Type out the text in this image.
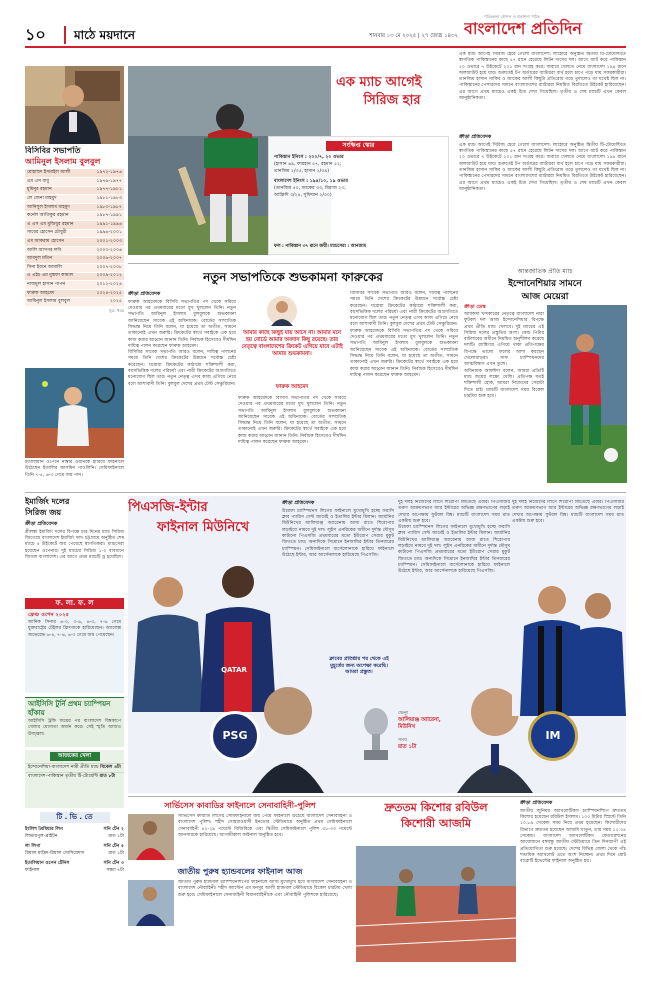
১০	মাঠে ময়দানে	শনিবার ১৩ মে ২০২৫ | ২৭ জ্যৈষ্ঠ ১৪৩২
পরিকল্পনা কৌশল ও প্রকাশনা পাঠক
বাংলাদেশ প্রতিদিন
বিসিবির সভাপতি
আমিনুল ইসলাম বুলবুল
মোহাম্মদ ইসমাইল আলী	১৯৭২-১৯৭৬
এম এস বাবু	১৯৭৬-১৯৭৭
মুমিনুর রহমান	১৯৭৭-১৯৮১
লে জেনা মাহমুদ	১৯৮১-১৯৮৩
আনিসুল ইসলাম মাহমুদ	১৯৮৩-১৯৮৭
কর্নেল আতিকুর রহমান	১৯৮৭-১৯৯১
এ এস এম মুজিবুর রহমান	১৯৯১-১৯৯৬
সাবের হোসেন চৌধুরী	১৯৯৬-২০০১
এম আকরাম হোসেন	২০০১-২০০৩
আলি আসগর লবি	২০০৩-২০০৬
আবদুল মতিন	২০০৬-২০০৭
সিনা ইবনে জামালি	২০০৭-২০০৮
এ এইচ এম মুস্তফা কামাল	২০০৯-২০১২
নাজমুল হাসান পাপন	২০১২-২০২৪
ফারুক আহমেদ	২০২৪-২০২৫
আমিনুল ইসলাম বুলবুল	২০২৫
সূত্র: খবর
এক ম্যাচ আগেই
সিরিজ হার
সংক্ষিপ্ত স্কোর
পাকিস্তান ইনিংস : ২০০/৭, ২০ ওভার
(হাসান ৬৯, ফারহান ৫৭, রহমান ৫২;
তানজিম ২/৩৫, হাসান ২/৩৯)
বাংলাদেশ ইনিংস : ১৯৪/১০, ১৯ ওভার
(তানজিম ৫০, জাকের ৩৩, মিরাজ ২৩;
আফ্রিদি ৩/২৪, সুফিয়ান ২/৩০)
ফল : পাকিস্তান ৩৭ রানে জয়ী। ম্যাচসেরা : আনজাম
ক্রীড়া প্রতিবেদক
এক ম্যাচ আগেই সিরিজ হেরে গেলো বাংলাদেশ। লাহোরে অনুষ্ঠিত দ্বিতীয় টি-টোয়েন্টিতে স্বাগতিক পাকিস্তানের কাছে ৫৭ রানে হেরেছে লিটন দাসের দল। আগে ব্যাট করে পাকিস্তান ২০ ওভারে ৭ উইকেটে ২০১ রান সংগ্রহ করে। জবাবে খেলতে নেমে বাংলাদেশ ১৯৪ রানে অলআউট হয়ে যায়। শুরুতেই টপ অর্ডারের ব্যাটাররা ব্যর্থ হলে চাপে পড়ে যায় সফরকারীরা। তানজিম হাসান সাকিব ও জাকের আলী কিছুটা প্রতিরোধ গড়ে তুললেও তা যথেষ্ট ছিল না। পাকিস্তানের পেসারদের সামনে বাংলাদেশের ব্যাটাররা নিয়মিত বিরতিতে উইকেট হারিয়েছেন। এর আগে প্রথম ম্যাচেও একই চিত্র দেখা গিয়েছিল। তৃতীয় ও শেষ ম্যাচটি এখন কেবল আনুষ্ঠানিকতা।
এক ম্যাচ আগেই সিরিজ হেরে গেলো বাংলাদেশ। লাহোরে অনুষ্ঠিত দ্বিতীয় টি-টোয়েন্টিতে স্বাগতিক পাকিস্তানের কাছে ৫৭ রানে হেরেছে লিটন দাসের দল। আগে ব্যাট করে পাকিস্তান ২০ ওভারে ৭ উইকেটে ২০১ রান সংগ্রহ করে। জবাবে খেলতে নেমে বাংলাদেশ ১৯৪ রানে অলআউট হয়ে যায়। শুরুতেই টপ অর্ডারের ব্যাটাররা ব্যর্থ হলে চাপে পড়ে যায় সফরকারীরা। তানজিম হাসান সাকিব ও জাকের আলী কিছুটা প্রতিরোধ গড়ে তুললেও তা যথেষ্ট ছিল না। পাকিস্তানের পেসারদের সামনে বাংলাদেশের ব্যাটাররা নিয়মিত বিরতিতে উইকেট হারিয়েছেন। এর আগে প্রথম ম্যাচেও একই চিত্র দেখা গিয়েছিল। তৃতীয় ও শেষ ম্যাচটি এখন কেবল আনুষ্ঠানিকতা।
নতুন সভাপতিকে শুভকামনা ফারুকের
ক্রীড়া প্রতিবেদক
ফারুক আহমেদকে বিসিবি সভাপতির পদ থেকে সরিয়ে দেওয়ার পর প্রথমবারের মতো মুখ খুললেন তিনি। নতুন সভাপতি আমিনুল ইসলাম বুলবুলকে শুভকামনা জানিয়েছেন সাবেক এই অধিনায়ক। বোর্ডের সাম্প্রতিক সিদ্ধান্ত নিয়ে তিনি বলেন, যা হয়েছে তা অতীত, সামনে তাকানোই এখন জরুরি। ক্রিকেটের স্বার্থে সবাইকে এক হয়ে কাজ করার আহ্বান জানান তিনি। নির্বাচক হিসেবেও দীর্ঘদিন দায়িত্ব পালন করেছেন ফারুক আহমেদ।
বিসিবির সাবেক সভাপতি আরও বলেন, দায়িত্ব পালনের সময়ে তিনি দেশের ক্রিকেটের উন্নয়নে সর্বোচ্চ চেষ্টা করেছেন। ঘরোয়া ক্রিকেটের কাঠামো শক্তিশালী করা, বয়সভিত্তিক দলের পরিচর্যা এবং নারী ক্রিকেটের অগ্রগতিতে মনোযোগ ছিল তার। নতুন নেতৃত্ব এসব কাজ এগিয়ে নেবে বলে আশাবাদী তিনি। বুলবুল দেশের প্রথম টেস্ট সেঞ্চুরিয়ান।
আমার কাছে কিছুই যায় আসে না। আমার মনে হয় বোর্ডে আমার অবদান কিছু রয়েছে। তার নেতৃত্বে বাংলাদেশের ক্রিকেট এগিয়ে যাবে এটাই আমার শুভকামনা।
ফারুক আহমেদ
ফারুক আহমেদকে বিসিবি সভাপতির পদ থেকে সরিয়ে দেওয়ার পর প্রথমবারের মতো মুখ খুললেন তিনি। নতুন সভাপতি আমিনুল ইসলাম বুলবুলকে শুভকামনা জানিয়েছেন সাবেক এই অধিনায়ক। বোর্ডের সাম্প্রতিক সিদ্ধান্ত নিয়ে তিনি বলেন, যা হয়েছে তা অতীত, সামনে তাকানোই এখন জরুরি। ক্রিকেটের স্বার্থে সবাইকে এক হয়ে কাজ করার আহ্বান জানান তিনি। নির্বাচক হিসেবেও দীর্ঘদিন দায়িত্ব পালন করেছেন ফারুক আহমেদ।
বিসিবির সাবেক সভাপতি আরও বলেন, দায়িত্ব পালনের সময়ে তিনি দেশের ক্রিকেটের উন্নয়নে সর্বোচ্চ চেষ্টা করেছেন। ঘরোয়া ক্রিকেটের কাঠামো শক্তিশালী করা, বয়সভিত্তিক দলের পরিচর্যা এবং নারী ক্রিকেটের অগ্রগতিতে মনোযোগ ছিল তার। নতুন নেতৃত্ব এসব কাজ এগিয়ে নেবে বলে আশাবাদী তিনি। বুলবুল দেশের প্রথম টেস্ট সেঞ্চুরিয়ান।
ফারুক আহমেদকে বিসিবি সভাপতির পদ থেকে সরিয়ে দেওয়ার পর প্রথমবারের মতো মুখ খুললেন তিনি। নতুন সভাপতি আমিনুল ইসলাম বুলবুলকে শুভকামনা জানিয়েছেন সাবেক এই অধিনায়ক। বোর্ডের সাম্প্রতিক সিদ্ধান্ত নিয়ে তিনি বলেন, যা হয়েছে তা অতীত, সামনে তাকানোই এখন জরুরি। ক্রিকেটের স্বার্থে সবাইকে এক হয়ে কাজ করার আহ্বান জানান তিনি। নির্বাচক হিসেবেও দীর্ঘদিন দায়িত্ব পালন করেছেন ফারুক আহমেদ।
ইতালিয়ান ওপেনে নাম্বার ওয়ানকে হারিয়ে ফাইনালে উঠেছেন ইতালির জাসমিন পাওলিনি। সেমিফাইনালে তিনি ৭-৫, ৬-৩ গেমে জয় পান।
আন্তর্জাতিক প্রীতি ম্যাচ
ইন্দোনেশিয়ার সামনে
আজ মেয়েরা
ক্রীড়া ডেস্ক
আফঈদা খন্দকারের নেতৃত্বে বাংলাদেশ নারী ফুটবল দল আজ ইন্দোনেশিয়ার বিপক্ষে প্রথম প্রীতি ম্যাচ খেলবে। দুই ম্যাচের এই সিরিজ দলের প্রস্তুতির অংশ। কোচ পিটার বাটলারের অধীনে নিয়মিত অনুশীলন করেছে দলটি। র‍্যাঙ্কিংয়ে এগিয়ে থাকা প্রতিপক্ষের বিপক্ষে ভালো ফলের আশা করছেন খেলোয়াড়রা। সাফ চ্যাম্পিয়নদের আত্মবিশ্বাস এখন তুঙ্গে।
অধিনায়ক আফঈদা বলেন, আমরা প্রতিটি ম্যাচ জয়ের লক্ষ্যে খেলি। প্রতিপক্ষ যতই শক্তিশালী হোক, আমরা নিজেদের সেরাটা দিতে চাই। ম্যাচটি বাংলাদেশ সময় বিকেল চারটায় শুরু হবে।
ইমার্জিং দলের
সিরিজ জয়
ক্রীড়া প্রতিবেদক
শ্রীলঙ্কা ইমার্জিং দলের বিপক্ষে চার দিনের ম্যাচ সিরিজ জিতেছে বাংলাদেশ ইমার্জিং দল। চট্টগ্রামে অনুষ্ঠিত শেষ ম্যাচে ৪ উইকেটে জয় পেয়েছে স্বাগতিকরা। ম্যাচসেরা হয়েছেন ওপেনার। দুই ম্যাচের সিরিজ ১-০ ব্যবধানে জিতল বাংলাদেশ। এর আগে প্রথম ম্যাচটি ড্র হয়েছিল।
ফ. লা. ফ. ল
ফ্রেঞ্চ ওপেন ২০২৫
জানিক সিনার ৬-৩, ৩-৬, ৬-৩, ৭-৬ গেমে যুক্তরাষ্ট্রের টেইলর ফ্রিৎজকে হারিয়েছেন। অ্যালেক্স জভেরেভ ৬-৪, ৭-৬, ৬-৩ গেমে জয় পেয়েছেন।
আইসিসি টুর্নি প্রথম চ্যাম্পিয়ন হাঁকায়
আইসিসি ট্রফি জয়ের পর বাংলাদেশ বিশ্বকাপে খেলার যোগ্যতা অর্জন করে। সেই স্মৃতি আজও উজ্জ্বল।
আজকের খেলা
ইন্দোনেশিয়া-বাংলাদেশ নারী প্রীতি ম্যাচ বিকেল ৪টা
বাংলাদেশ-পাকিস্তান তৃতীয় টি-টোয়েন্টি রাত ৮টা
টি . ভি . তে
ইংলিশ প্রিমিয়ার লিগ	সনি টেন ২
লিভারপুল-ব্রাইটন	রাত ১টা
লা লিগা	সনি টেন ৫
রিয়াল মাদ্রিদ-রিয়াল সোসিয়েদাদ	রাত ১টা
ইতালিয়ান ওপেন টেনিস	সনি টেন ৩
ফাইনাল	সন্ধ্যা ৭টা
পিএসজি-ইন্টার
ফাইনাল মিউনিখে
QATAR
PSG
ক্রীড়া প্রতিবেদক
উয়েফা চ্যাম্পিয়নস লিগের ফাইনালে মুখোমুখি হচ্ছে ফরাসি ক্লাব প্যারিস সেন্ট জার্মেই ও ইতালির ইন্টার মিলান। জার্মানির মিউনিখের আলিয়াঞ্জ অ্যারেনায় আজ রাতে শিরোপার লড়াইয়ে নামবে দুই দল। লুইস এনরিকের অধীনে দুর্দান্ত মৌসুম কাটানো পিএসজি প্রথমবারের মতো ইউরোপ সেরার মুকুট জিততে চায়। অন্যদিকে সিমোনে ইনজাঘির ইন্টার তিনবারের চ্যাম্পিয়ন। সেমিফাইনালে বার্সেলোনাকে হারিয়ে ফাইনালে উঠেছে ইন্টার, আর আর্সেনালকে হারিয়েছে পিএসজি।
ক্লাবের প্রতিষ্ঠার পর থেকে এই মুহূর্তের জন্য অপেক্ষা করেছি। আমরা প্রস্তুত।
দুই দলই নিজেদের লিগে শিরোপা জিতেছে এবার। পিএসজির তরুণ আক্রমণভাগ আর ইন্টারের অভিজ্ঞ রক্ষণভাগের লড়াই দেখার অপেক্ষায় ফুটবল বিশ্ব। ম্যাচটি বাংলাদেশ সময় রাত একটায় শুরু হবে।
উয়েফা চ্যাম্পিয়নস লিগের ফাইনালে মুখোমুখি হচ্ছে ফরাসি ক্লাব প্যারিস সেন্ট জার্মেই ও ইতালির ইন্টার মিলান। জার্মানির মিউনিখের আলিয়াঞ্জ অ্যারেনায় আজ রাতে শিরোপার লড়াইয়ে নামবে দুই দল। লুইস এনরিকের অধীনে দুর্দান্ত মৌসুম কাটানো পিএসজি প্রথমবারের মতো ইউরোপ সেরার মুকুট জিততে চায়। অন্যদিকে সিমোনে ইনজাঘির ইন্টার তিনবারের চ্যাম্পিয়ন। সেমিফাইনালে বার্সেলোনাকে হারিয়ে ফাইনালে উঠেছে ইন্টার, আর আর্সেনালকে হারিয়েছে পিএসজি।
দুই দলই নিজেদের লিগে শিরোপা জিতেছে এবার। পিএসজির তরুণ আক্রমণভাগ আর ইন্টারের অভিজ্ঞ রক্ষণভাগের লড়াই দেখার অপেক্ষায় ফুটবল বিশ্ব। ম্যাচটি বাংলাদেশ সময় রাত একটায় শুরু হবে।
ভেন্যু
আলিয়াঞ্জ অ্যারেনা, মিউনিখ
সময়
রাত ১টা
IM
সার্ভিসেস কাবাডির ফাইনালে সেনাবাহিনী-পুলিশ
সার্ভিসেস কাবাডি লিগের সেমিফাইনালে জয় পেয়ে ফাইনালে উঠেছে বাংলাদেশ সেনাবাহিনী ও বাংলাদেশ পুলিশ। শহীদ সোহরাওয়ার্দী ইনডোর স্টেডিয়ামে অনুষ্ঠিত প্রথম সেমিফাইনালে সেনাবাহিনী ৪২-২৯ পয়েন্টে বিজিবিকে এবং দ্বিতীয় সেমিফাইনালে পুলিশ ৩৮-৩৩ পয়েন্টে আনসারকে হারিয়েছে। আগামীকাল ফাইনাল অনুষ্ঠিত হবে।
জাতীয় পুরুষ হ্যান্ডবলের ফাইনাল আজ
জাতীয় পুরুষ হ্যান্ডবল চ্যাম্পিয়নশিপের ফাইনালে আজ মুখোমুখি হবে বাংলাদেশ সেনাবাহিনী ও বাংলাদেশ নৌবাহিনী। শহীদ ক্যাপ্টেন এম মনসুর আলী হ্যান্ডবল স্টেডিয়ামে বিকেল চারটায় খেলা শুরু হবে। সেমিফাইনালে সেনাবাহিনী বিমানবাহিনীকে এবং নৌবাহিনী পুলিশকে হারিয়েছে।
দ্রুততম কিশোর রবিউল
কিশোরী আজমি
ক্রীড়া প্রতিবেদক
জাতীয় জুনিয়র অ্যাথলেটিকস চ্যাম্পিয়নশিপে দ্রুততম কিশোর হয়েছেন রবিউল ইসলাম। ১০০ মিটার স্প্রিন্টে তিনি ১০.৮৯ সেকেন্ড সময় নিয়ে প্রথম হয়েছেন। কিশোরীদের বিভাগে দ্রুততম হয়েছেন আজমি খাতুন, তার সময় ১২.৩৪ সেকেন্ড। বাংলাদেশ অ্যাথলেটিকস ফেডারেশনের আয়োজনে বঙ্গবন্ধু জাতীয় স্টেডিয়ামে তিন দিনব্যাপী এই প্রতিযোগিতা শুরু হয়েছে। দেশের বিভিন্ন জেলা থেকে পাঁচ শতাধিক অ্যাথলেট এতে অংশ নিচ্ছেন। প্রথম দিনে মোট বারোটি ইভেন্টের ফাইনাল অনুষ্ঠিত হয়।
